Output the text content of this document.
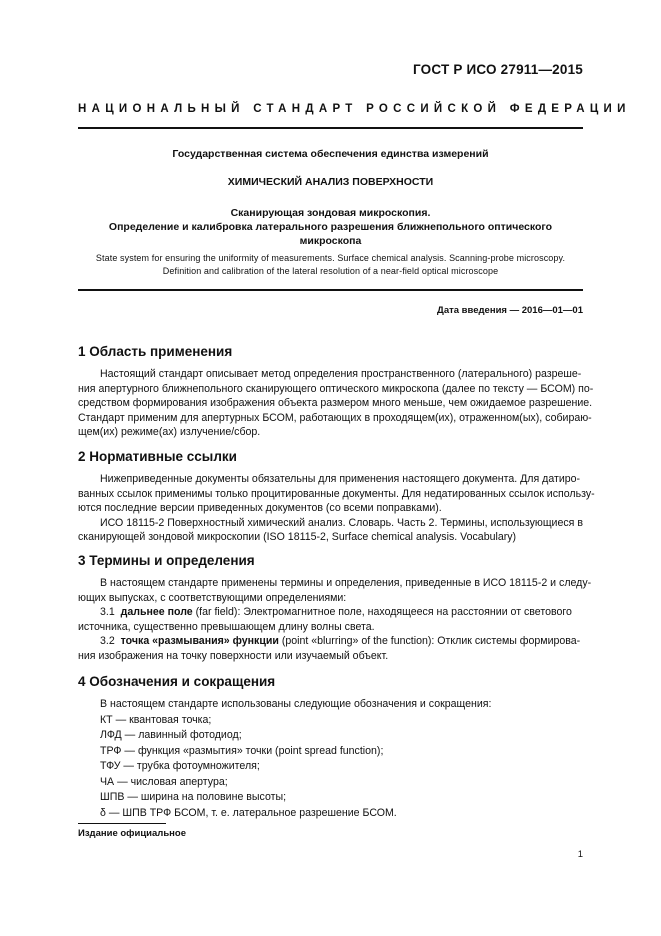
ГОСТ Р ИСО 27911—2015
НАЦИОНАЛЬНЫЙ СТАНДАРТ РОССИЙСКОЙ ФЕДЕРАЦИИ
Государственная система обеспечения единства измерений
ХИМИЧЕСКИЙ АНАЛИЗ ПОВЕРХНОСТИ
Сканирующая зондовая микроскопия.
Определение и калибровка латерального разрешения ближнепольного оптического
микроскопа
State system for ensuring the uniformity of measurements. Surface chemical analysis. Scanning-probe microscopy.
Definition and calibration of the lateral resolution of a near-field optical microscope
Дата введения — 2016—01—01
1 Область применения
Настоящий стандарт описывает метод определения пространственного (латерального) разреше-
ния апертурного ближнепольного сканирующего оптического микроскопа (далее по тексту — БСОМ) по-
средством формирования изображения объекта размером много меньше, чем ожидаемое разрешение.
Стандарт применим для апертурных БСОМ, работающих в проходящем(их), отраженном(ых), собираю-
щем(их) режиме(ах) излучение/сбор.
2 Нормативные ссылки
Нижеприведенные документы обязательны для применения настоящего документа. Для датиро-
ванных ссылок применимы только процитированные документы. Для недатированных ссылок использу-
ются последние версии приведенных документов (со всеми поправками).
ИСО 18115-2 Поверхностный химический анализ. Словарь. Часть 2. Термины, использующиеся в
сканирующей зондовой микроскопии (ISO 18115-2, Surface chemical analysis. Vocabulary)
3 Термины и определения
В настоящем стандарте применены термины и определения, приведенные в ИСО 18115-2 и следу-
ющих выпусках, с соответствующими определениями:
3.1 дальнее поле (far field): Электромагнитное поле, находящееся на расстоянии от светового
источника, существенно превышающем длину волны света.
3.2 точка «размывания» функции (point «blurring» of the function): Отклик системы формирова-
ния изображения на точку поверхности или изучаемый объект.
4 Обозначения и сокращения
В настоящем стандарте использованы следующие обозначения и сокращения:
КТ — квантовая точка;
ЛФД — лавинный фотодиод;
ТРФ — функция «размытия» точки (point spread function);
ТФУ — трубка фотоумножителя;
ЧА — числовая апертура;
ШПВ — ширина на половине высоты;
δ — ШПВ ТРФ БСОМ, т. е. латеральное разрешение БСОМ.
Издание официальное
1
